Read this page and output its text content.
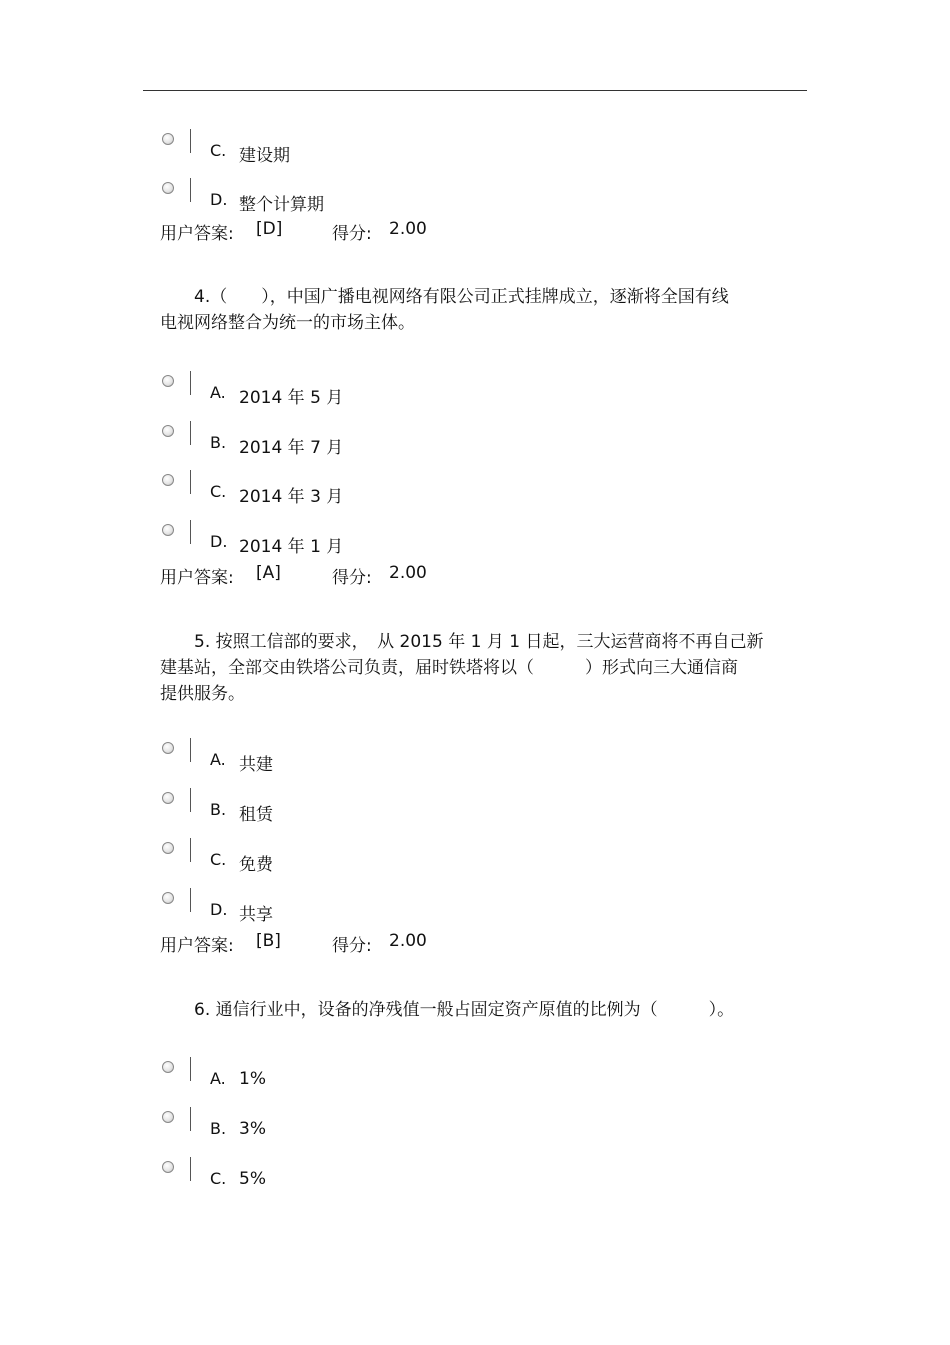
C. 建设期
D. 整个计算期
用户答案: [D]	得分: 2.00
4.（　　），中国广播电视网络有限公司正式挂牌成立，逐渐将全国有线
电视网络整合为统一的市场主体。
A. 2014 年 5 月
B. 2014 年 7 月
C. 2014 年 3 月
D. 2014 年 1 月
用户答案: [A]	得分: 2.00
5. 按照工信部的要求，　从 2015 年 1 月 1 日起，三大运营商将不再自己新
建基站，全部交由铁塔公司负责，届时铁塔将以（　　　）形式向三大通信商
提供服务。
A. 共建
B. 租赁
C. 免费
D. 共享
用户答案: [B]	得分: 2.00
6. 通信行业中，设备的净残值一般占固定资产原值的比例为（　　　）。
A. 1%
B. 3%
C. 5%
